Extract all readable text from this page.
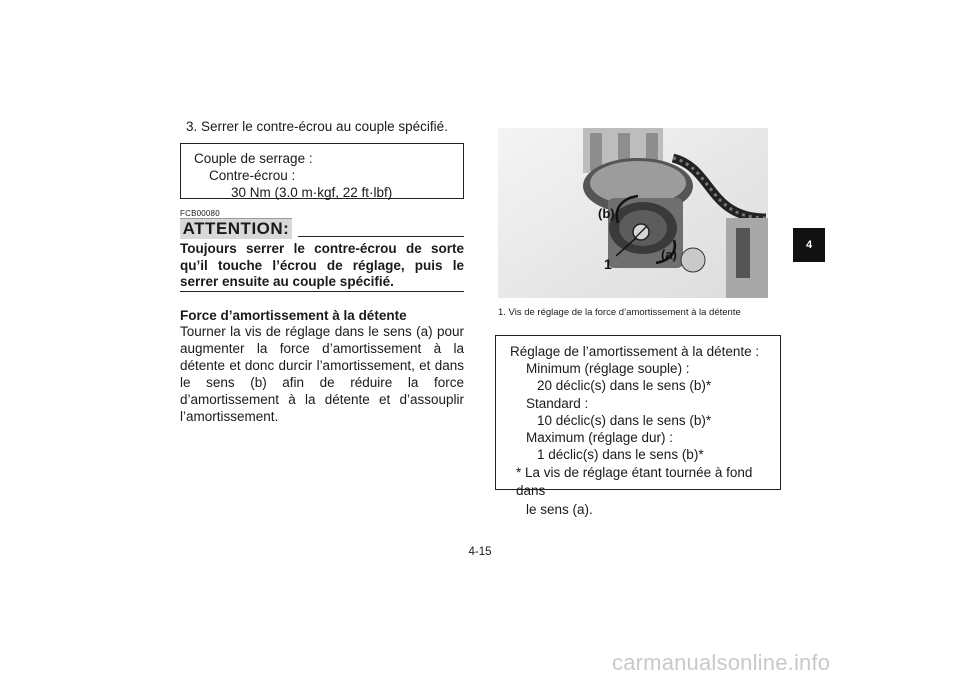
3. Serrer le contre-écrou au couple spécifié.
Couple de serrage :
Contre-écrou :
30 Nm (3.0 m·kgf, 22 ft·lbf)
FCB00080
ATTENTION:
Toujours serrer le contre-écrou de sorte qu’il touche l’écrou de réglage, puis le serrer ensuite au couple spécifié.
Force d’amortissement à la détente
Tourner la vis de réglage dans le sens (a) pour augmenter la force d’amortissement à la détente et donc durcir l’amortissement, et dans le sens (b) afin de réduire la force d’amortissement à la détente et d’assouplir l’amortissement.
(b)
(a)
1
1. Vis de réglage de la force d’amortissement à la détente
Réglage de l’amortissement à la détente :
Minimum (réglage souple) :
20 déclic(s) dans le sens (b)*
Standard :
10 déclic(s) dans le sens (b)*
Maximum (réglage dur) :
1 déclic(s) dans le sens (b)*
* La vis de réglage étant tournée à fond dans
le sens (a).
4
4-15
carmanualsonline.info
